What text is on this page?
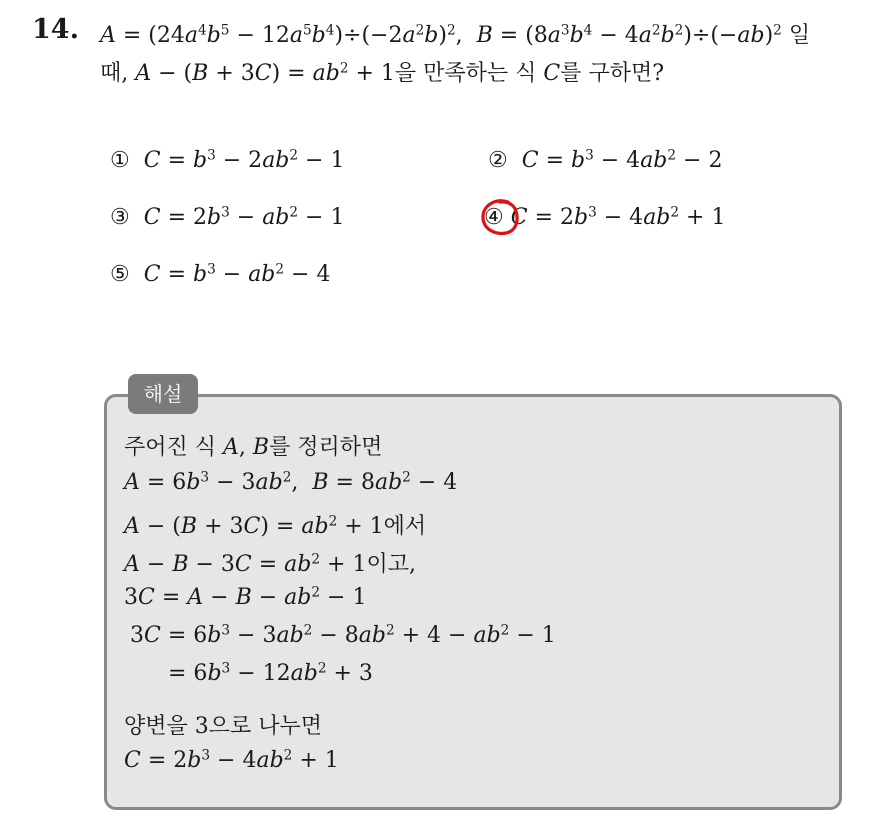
14. $A = (24a^4b^5 - 12a^5b^4)\div(-2a^2b)^2$,  $B = (8a^3b^4 - 4a^2b^2)\div(-ab)^2$ 일
때, $A - (B + 3C) = ab^2 + 1$을 만족하는 식 C를 구하면?
① $C = b^3 - 2ab^2 - 1$	② $C = b^3 - 4ab^2 - 2$
③ $C = 2b^3 - ab^2 - 1$	④ $C = 2b^3 - 4ab^2 + 1$
⑤ $C = b^3 - ab^2 - 4$
해설
주어진 식 A, B를 정리하면
$A = 6b^3 - 3ab^2$,  $B = 8ab^2 - 4$
$A - (B + 3C) = ab^2 + 1$에서
$A - B - 3C = ab^2 + 1$이고,
$3C = A - B - ab^2 - 1$
$3C = 6b^3 - 3ab^2 - 8ab^2 + 4 - ab^2 - 1$
= $6b^3 - 12ab^2 + 3$
양변을 3으로 나누면
$C = 2b^3 - 4ab^2 + 1$
